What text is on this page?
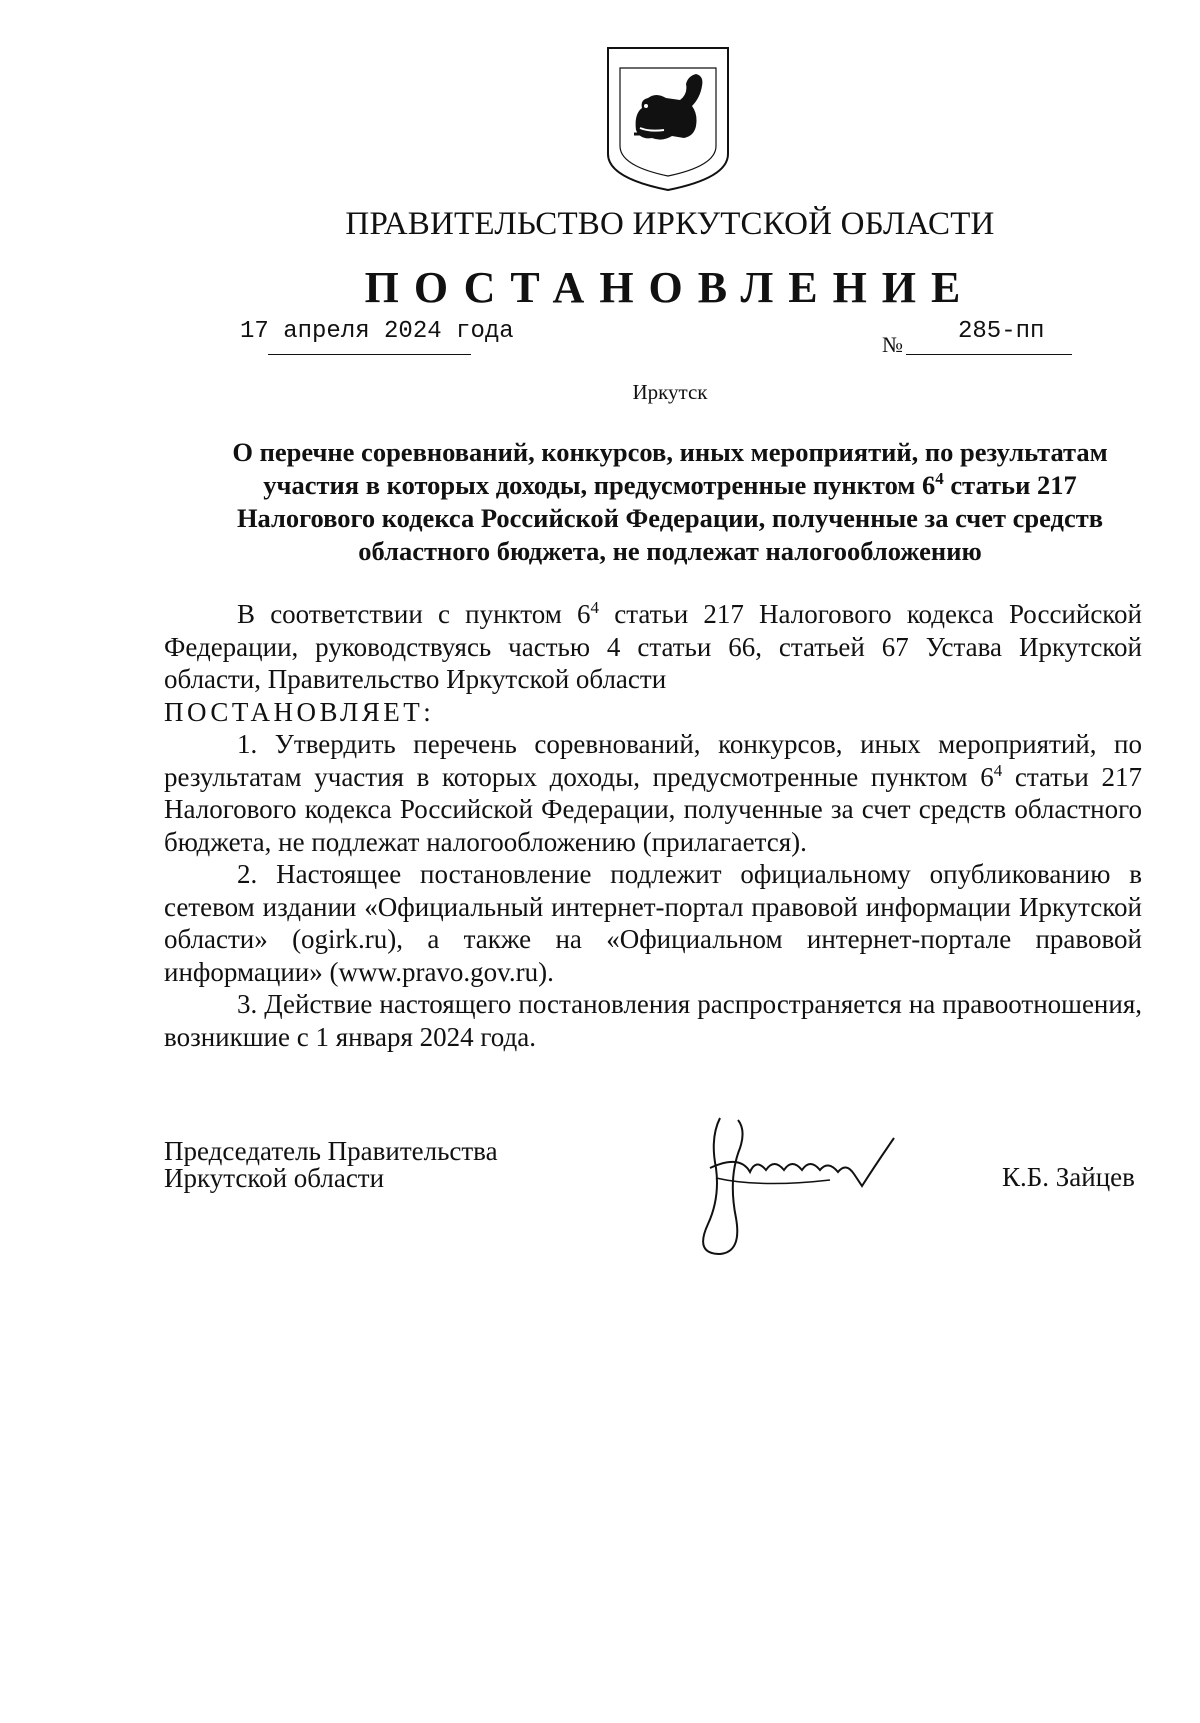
ПРАВИТЕЛЬСТВО ИРКУТСКОЙ ОБЛАСТИ
ПОСТАНОВЛЕНИЕ
17 апреля 2024 года	№ 285-пп
Иркутск
О перечне соревнований, конкурсов, иных мероприятий, по результатам
участия в которых доходы, предусмотренные пунктом $6^4$ статьи 217
Налогового кодекса Российской Федерации, полученные за счет средств
областного бюджета, не подлежат налогообложению

В соответствии с пунктом $6^4$ статьи 217 Налогового кодекса Российской Федерации, руководствуясь частью 4 статьи 66, статьей 67 Устава Иркутской области, Правительство Иркутской области

ПОСТАНОВЛЯЕТ:

1. Утвердить перечень соревнований, конкурсов, иных мероприятий, по результатам участия в которых доходы, предусмотренные пунктом $6^4$ статьи 217 Налогового кодекса Российской Федерации, полученные за счет средств областного бюджета, не подлежат налогообложению (прилагается).

2. Настоящее постановление подлежит официальному опубликованию в сетевом издании «Официальный интернет-портал правовой информации Иркутской области» (ogirk.ru), а также на «Официальном интернет-портале правовой информации» (www.pravo.gov.ru).

3. Действие настоящего постановления распространяется на правоотношения, возникшие с 1 января 2024 года.

Председатель Правительства
Иркутской области	К.Б. Зайцев
